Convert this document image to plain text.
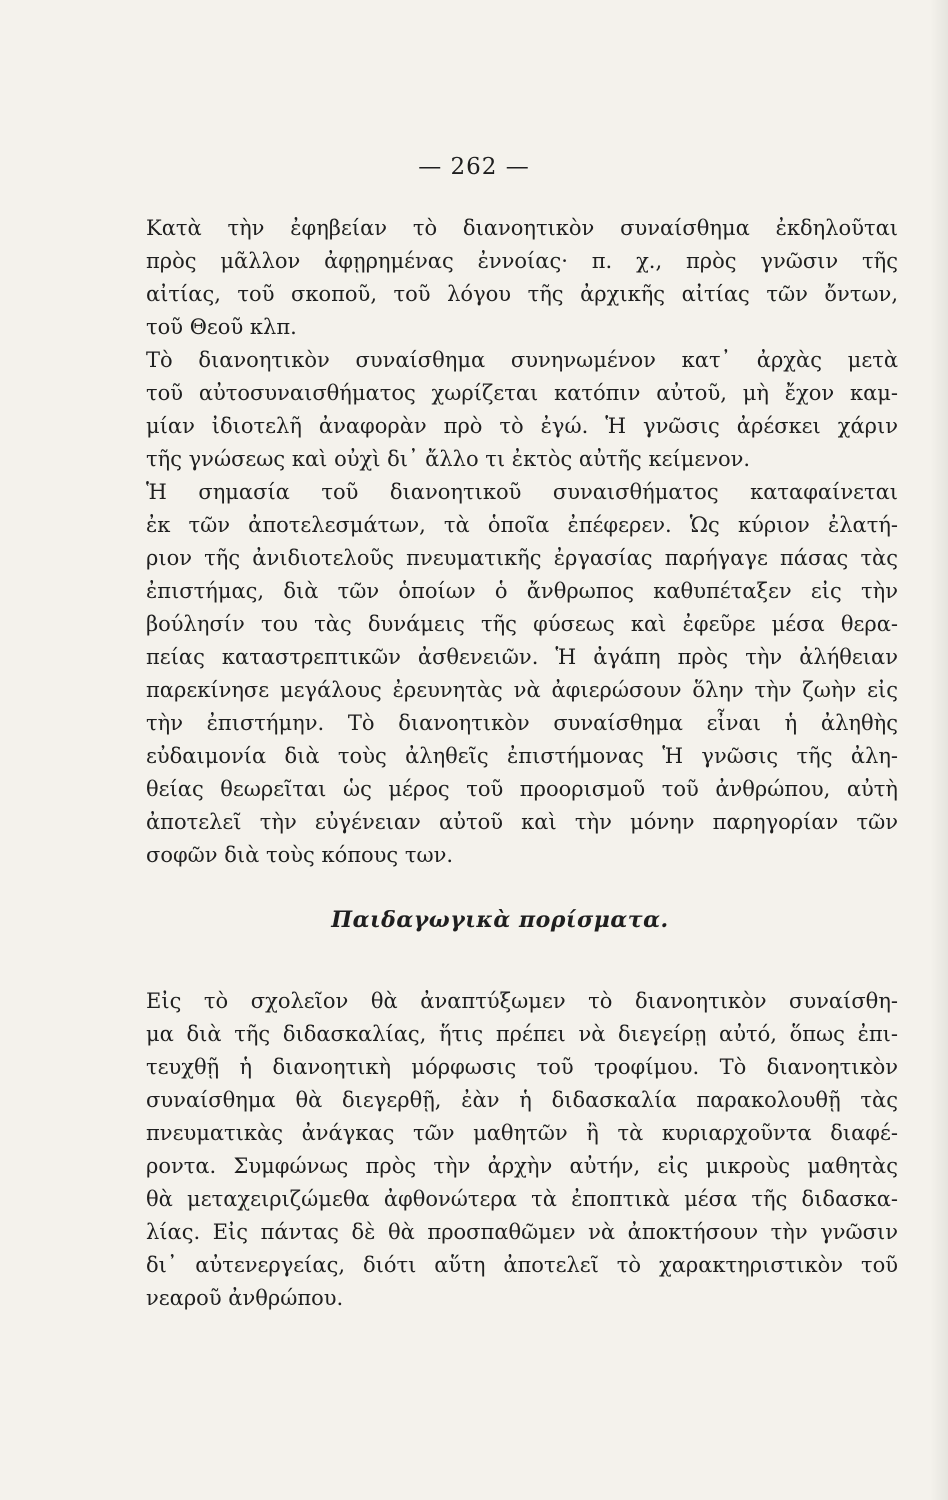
— 262 —
Κατὰ τὴν ἐφηβείαν τὸ διανοητικὸν συναίσθημα ἐκδηλοῦται
πρὸς μᾶλλον ἀφῃρημένας ἐννοίας· π. χ., πρὸς γνῶσιν τῆς
αἰτίας, τοῦ σκοποῦ, τοῦ λόγου τῆς ἀρχικῆς αἰτίας τῶν ὄντων,
τοῦ Θεοῦ κλπ.
Τὸ διανοητικὸν συναίσθημα συνηνωμένον κατ᾽ ἀρχὰς μετὰ
τοῦ αὐτοσυναισθήματος χωρίζεται κατόπιν αὐτοῦ, μὴ ἔχον καμ-
μίαν ἰδιοτελῆ ἀναφορὰν πρὸ τὸ ἐγώ. Ἡ γνῶσις ἀρέσκει χάριν
τῆς γνώσεως καὶ οὐχὶ δι᾽ ἄλλο τι ἐκτὸς αὐτῆς κείμενον.
Ἡ σημασία τοῦ διανοητικοῦ συναισθήματος καταφαίνεται
ἐκ τῶν ἀποτελεσμάτων, τὰ ὁποῖα ἐπέφερεν. Ὡς κύριον ἐλατή-
ριον τῆς ἀνιδιοτελοῦς πνευματικῆς ἐργασίας παρήγαγε πάσας τὰς
ἐπιστήμας, διὰ τῶν ὁποίων ὁ ἄνθρωπος καθυπέταξεν εἰς τὴν
βούλησίν του τὰς δυνάμεις τῆς φύσεως καὶ ἐφεῦρε μέσα θερα-
πείας καταστρεπτικῶν ἀσθενειῶν. Ἡ ἀγάπη πρὸς τὴν ἀλήθειαν
παρεκίνησε μεγάλους ἐρευνητὰς νὰ ἀφιερώσουν ὅλην τὴν ζωὴν εἰς
τὴν ἐπιστήμην. Τὸ διανοητικὸν συναίσθημα εἶναι ἡ ἀληθὴς
εὐδαιμονία διὰ τοὺς ἀληθεῖς ἐπιστήμονας Ἡ γνῶσις τῆς ἀλη-
θείας θεωρεῖται ὡς μέρος τοῦ προορισμοῦ τοῦ ἀνθρώπου, αὐτὴ
ἀποτελεῖ τὴν εὐγένειαν αὐτοῦ καὶ τὴν μόνην παρηγορίαν τῶν
σοφῶν διὰ τοὺς κόπους των.
Παιδαγωγικὰ πορίσματα.
Εἰς τὸ σχολεῖον θὰ ἀναπτύξωμεν τὸ διανοητικὸν συναίσθη-
μα διὰ τῆς διδασκαλίας, ἥτις πρέπει νὰ διεγείρῃ αὐτό, ὅπως ἐπι-
τευχθῇ ἡ διανοητικὴ μόρφωσις τοῦ τροφίμου. Τὸ διανοητικὸν
συναίσθημα θὰ διεγερθῇ, ἐὰν ἡ διδασκαλία παρακολουθῇ τὰς
πνευματικὰς ἀνάγκας τῶν μαθητῶν ἢ τὰ κυριαρχοῦντα διαφέ-
ροντα. Συμφώνως πρὸς τὴν ἀρχὴν αὐτήν, εἰς μικροὺς μαθητὰς
θὰ μεταχειριζώμεθα ἀφθονώτερα τὰ ἐποπτικὰ μέσα τῆς διδασκα-
λίας. Εἰς πάντας δὲ θὰ προσπαθῶμεν νὰ ἀποκτήσουν τὴν γνῶσιν
δι᾽ αὐτενεργείας, διότι αὕτη ἀποτελεῖ τὸ χαρακτηριστικὸν τοῦ
νεαροῦ ἀνθρώπου.
